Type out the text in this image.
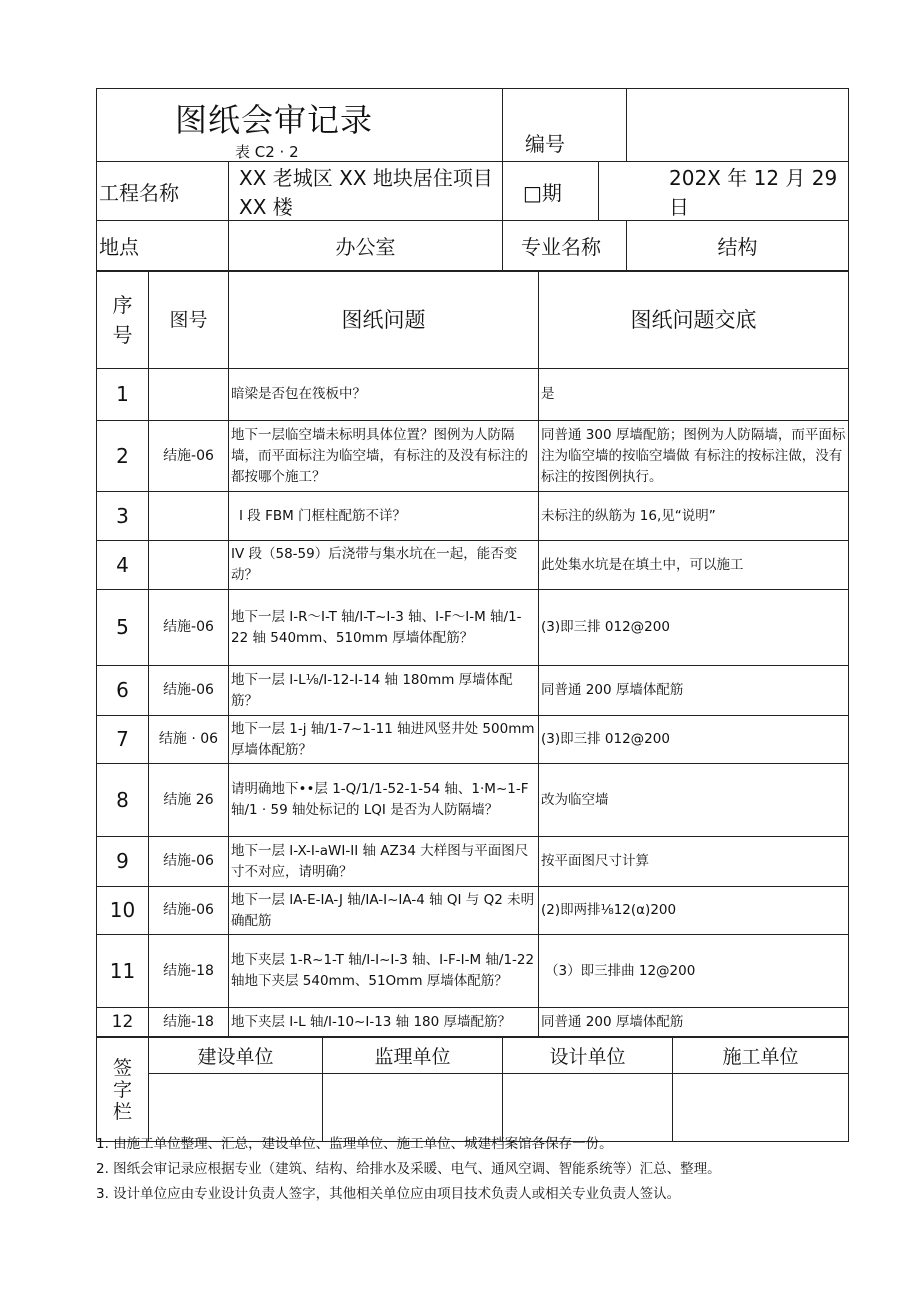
图纸会审记录
表 C2 · 2		编号		
工程名称	XX 老城区 XX 地块居住项目 XX 楼	□期	202X 年 12 月 29 日	
地点	办公室	专业名称		结构
序
号	图号	图纸问题	图纸问题交底
1		暗梁是否包在筏板中？	是
2	结施-06	地下一层临空墙未标明具体位置？图例为人防隔墙，而平面标注为临空墙，有标注的及没有标注的都按哪个施工？	同普通 300 厚墙配筋；图例为人防隔墙，而平面标注为临空墙的按临空墙做 有标注的按标注做，没有标注的按图例执行。
3		I 段 FBM 门框柱配筋不详？	未标注的纵筋为 16,见“说明”
4		IV 段（58-59）后浇带与集水坑在一起，能否变动？	此处集水坑是在填土中，可以施工
5	结施-06	地下一层 I-R～I-T 轴/I-T~I-3 轴、I-F～I-M 轴/1-22 轴 540mm、510mm 厚墙体配筋？	(3)即三排 012@200
6	结施-06	地下一层 I-L⅛/I-12-I-14 轴 180mm 厚墙体配筋？	同普通 200 厚墙体配筋
7	结施 · 06	地下一层 1-j 轴/1-7~1-11 轴进风竖井处 500mm 厚墙体配筋？	(3)即三排 012@200
8	结施 26	请明确地下••层 1-Q/1/1-52-1-54 轴、1·M~1-F 轴/1 · 59 轴处标记的 LQI 是否为人防隔墙？	改为临空墙
9	结施-06	地下一层 I-X-I-aWI-II 轴 AZ34 大样图与平面图尺寸不对应，请明确？	按平面图尺寸计算
10	结施-06	地下一层 IA-E-IA-J 轴/IA-I~IA-4 轴 QI 与 Q2 未明确配筋	(2)即两排⅛12(α)200
11	结施-18	地下夹层 1-R~1-T 轴/I-I~I-3 轴、I-F-I-M 轴/1-22 轴地下夹层 540mm、51Omm 厚墙体配筋？	（3）即三排曲 12@200
12	结施-18	地下夹层 I-L 轴/I-10~I-13 轴 180 厚墙配筋？	同普通 200 厚墙体配筋
签
字
栏	建设单位	监理单位	设计单位	施工单位

1. 由施工单位整理、汇总，建设单位、监理单位、施工单位、城建档案馆各保存一份。
2. 图纸会审记录应根据专业（建筑、结构、给排水及采暖、电气、通风空调、智能系统等）汇总、整理。
3. 设计单位应由专业设计负责人签字，其他相关单位应由项目技术负责人或相关专业负责人签认。
